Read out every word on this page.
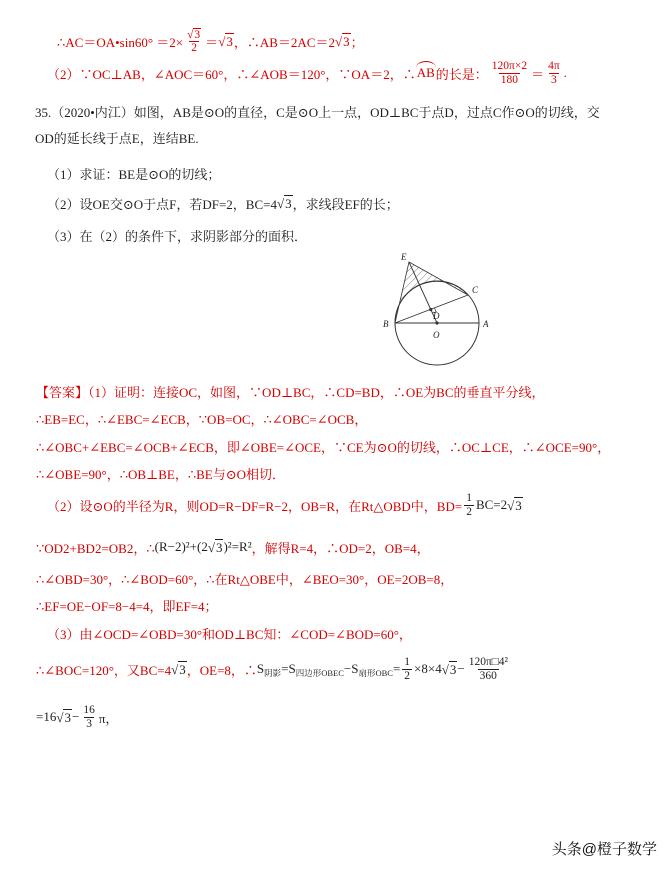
∴AC＝OA•sin60° $=2\times \frac{√ 3}{2}$ ＝ √ 3 ，∴AB＝2AC＝2 √ 3 ；
（2）∵OC⊥AB，∠AOC＝60°，∴∠AOB＝120°，∵OA＝2，∴ AB 的长是： $\frac{120\pi\times 2}{180} = \frac{4\pi}{3}$ .
35.（2020•内江）如图，AB是⊙O的直径，C是⊙O上一点，OD⊥BC于点D，过点C作⊙O的切线，交
OD的延长线于点E，连结BE.
（1）求证：BE是⊙O的切线；
（2）设OE交⊙O于点F，若DF=2，BC=4 √ 3 ，求线段EF的长；
（3）在（2）的条件下，求阴影部分的面积．
E
C
B	A
D
O
【答案】（1）证明：连接OC，如图，∵OD⊥BC，∴CD=BD，∴OE为BC的垂直平分线，
∴EB=EC，∴∠EBC=∠ECB，∵OB=OC，∴∠OBC=∠OCB，
∴∠OBC+∠EBC=∠OCB+∠ECB，即∠OBE=∠OCE，∵CE为⊙O的切线，∴OC⊥CE，∴∠OCE=90°，
∴∠OBE=90°，∴OB⊥BE，∴BE与⊙O相切．
（2）设⊙O的半径为R，则OD=R−DF=R−2，OB=R，在Rt△OBD中，$BD= \frac{1}{2} BC=2$ √ 3
∵OD2+BD2=OB2，∴ (R−2)²+(2 √ 3 )²=R² ，解得R=4，∴OD=2，OB=4，
∴∠OBD=30°，∴∠BOD=60°，∴在Rt△OBE中，∠BEO=30°，OE=2OB=8，
∴EF=OE−OF=8−4=4，即EF=4；
（3）由∠OCD=∠OBD=30°和OD⊥BC知：∠COD=∠BOD=60°，
∴∠BOC=120°，又BC=4 √ 3 ，OE=8，∴ S 阴影 =S 四边形OBEC −S 扇形OBC = $\frac{1}{2} \times 8\times 4$ √ $3 - \frac{\text{120π□4²}}{360}$
=16 √ $3 - \frac{16}{3}$ π，
头条@橙子数学
